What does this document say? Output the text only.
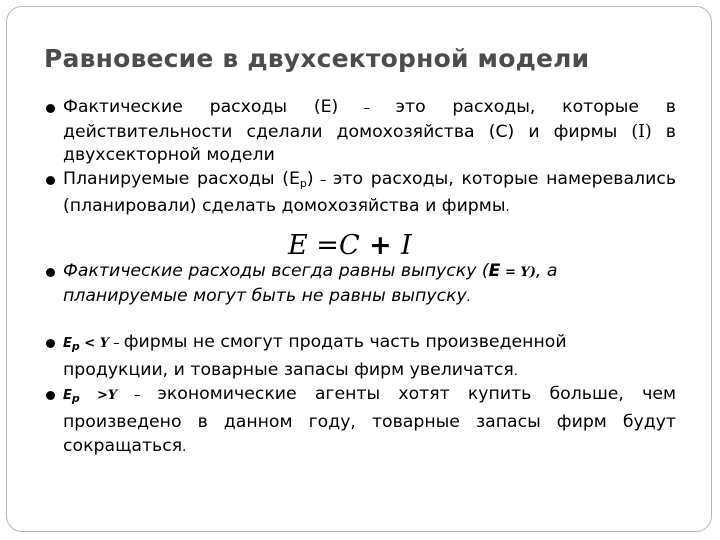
Равновесие в двухсекторной модели
Фактические расходы (Е) – это расходы, которые в действительности сделали домохозяйства (С) и фирмы (I) в двухсекторной модели
Планируемые расходы $(Е_р)$ – это расходы, которые намеревались (планировали) сделать домохозяйства и фирмы.
Фактические расходы всегда равны выпуску (Е = Y), а планируемые могут быть не равны выпуску.
$Е_р < Y$ – фирмы не смогут продать часть произведенной продукции, и товарные запасы фирм увеличатся.
$Е_р >Y$ – экономические агенты хотят купить больше, чем произведено в данном году, товарные запасы фирм будут сокращаться.
E =C + I
